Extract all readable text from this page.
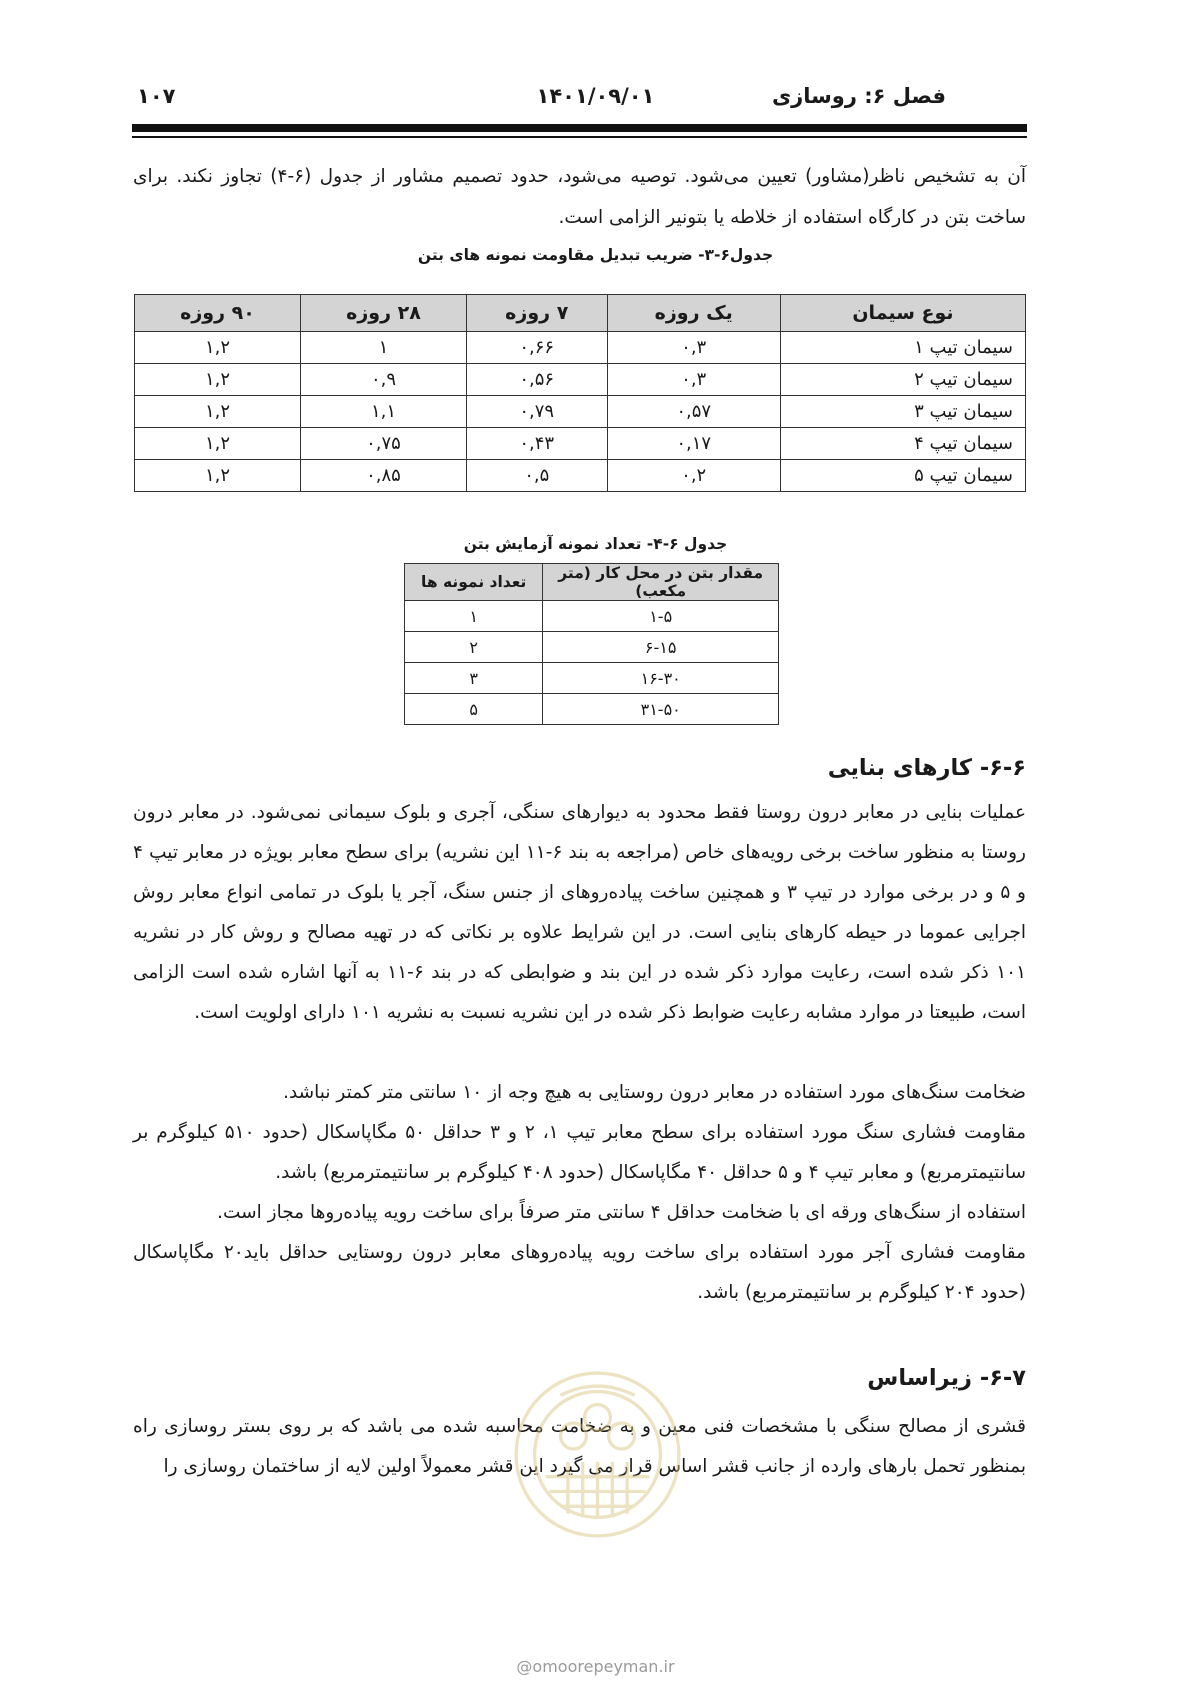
فصل ۶: روسازی
۱۴۰۱/۰۹/۰۱
۱۰۷
آن به تشخیص ناظر(مشاور) تعیین می‌شود. توصیه می‌شود، حدود تصمیم مشاور از جدول (۶-۴) تجاوز نکند. برای
ساخت بتن در کارگاه استفاده از خلاطه یا بتونیر الزامی است.
جدول۶-۳- ضریب تبدیل مقاومت نمونه های بتن
نوع سیمان	یک روزه	۷ روزه	۲۸ روزه	۹۰ روزه
سیمان تیپ ۱	۰,۳	۰,۶۶	۱	۱,۲
سیمان تیپ ۲	۰,۳	۰,۵۶	۰,۹	۱,۲
سیمان تیپ ۳	۰,۵۷	۰,۷۹	۱,۱	۱,۲
سیمان تیپ ۴	۰,۱۷	۰,۴۳	۰,۷۵	۱,۲
سیمان تیپ ۵	۰,۲	۰,۵	۰,۸۵	۱,۲
جدول ۶-۴- تعداد نمونه آزمایش بتن
مقدار بتن در محل کار (متر مکعب)	تعداد نمونه ها
۱-۵	۱
۶-۱۵	۲
۱۶-۳۰	۳
۳۱-۵۰	۵
۶-۶- کارهای بنایی
عملیات بنایی در معابر درون روستا فقط محدود به دیوارهای سنگی، آجری و بلوک سیمانی نمی‌شود. در معابر درون روستا به منظور ساخت برخی رویه‌های خاص (مراجعه به بند ۶-۱۱ این نشریه) برای سطح معابر بویژه در معابر تیپ ۴ و ۵ و در برخی موارد در تیپ ۳ و همچنین ساخت پیاده‌روهای از جنس سنگ، آجر یا بلوک در تمامی انواع معابر روش اجرایی عموما در حیطه کارهای بنایی است. در این شرایط علاوه بر نکاتی که در تهیه مصالح و روش کار در نشریه ۱۰۱ ذکر شده است، رعایت موارد ذکر شده در این بند و ضوابطی که در بند ۶-۱۱ به آنها اشاره شده است الزامی است، طبیعتا در موارد مشابه رعایت ضوابط ذکر شده در این نشریه نسبت به نشریه ۱۰۱ دارای اولویت است.
ضخامت سنگ‌های مورد استفاده در معابر درون روستایی به هیچ وجه از ۱۰ سانتی متر کمتر نباشد.
مقاومت فشاری سنگ مورد استفاده برای سطح معابر تیپ ۱، ۲ و ۳ حداقل ۵۰ مگاپاسکال (حدود ۵۱۰ کیلوگرم بر سانتیمترمربع) و معابر تیپ ۴ و ۵ حداقل ۴۰ مگاپاسکال (حدود ۴۰۸ کیلوگرم بر سانتیمترمربع) باشد.
استفاده از سنگ‌های ورقه ای با ضخامت حداقل ۴ سانتی متر صرفاً برای ساخت رویه پیاده‌روها مجاز است.
مقاومت فشاری آجر مورد استفاده برای ساخت رویه پیاده‌روهای معابر درون روستایی حداقل باید۲۰ مگاپاسکال (حدود ۲۰۴ کیلوگرم بر سانتیمترمربع) باشد.
۶-۷- زیراساس
قشری از مصالح سنگی با مشخصات فنی معین و به ضخامت محاسبه شده می باشد که بر روی بستر روسازی راه بمنظور تحمل بارهای وارده از جانب قشر اساس قرار می گیرد این قشر معمولاً اولین لایه از ساختمان روسازی را
@omoorepeyman.ir
